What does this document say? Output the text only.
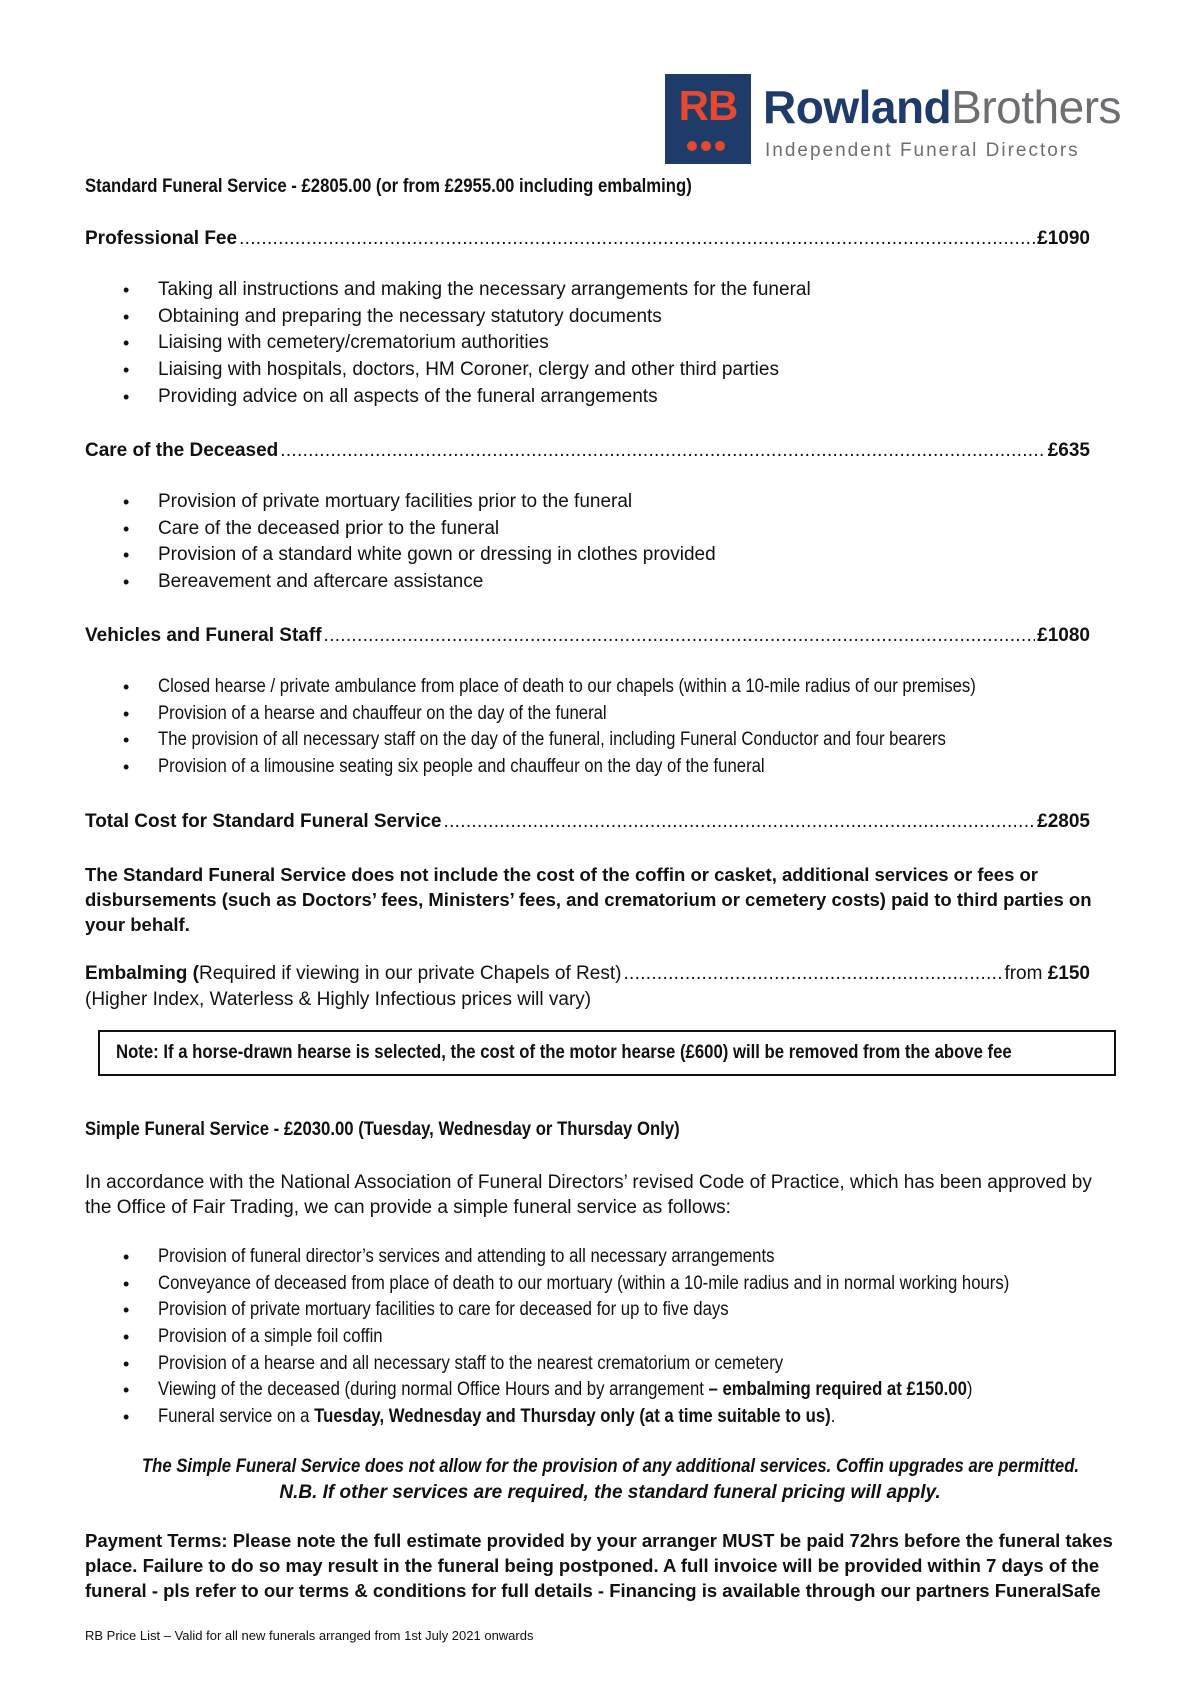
RB RowlandBrothers
Independent Funeral Directors
Standard Funeral Service - £2805.00 (or from £2955.00 including embalming)
Professional Fee .....	£1090
• Taking all instructions and making the necessary arrangements for the funeral
• Obtaining and preparing the necessary statutory documents
• Liaising with cemetery/crematorium authorities
• Liaising with hospitals, doctors, HM Coroner, clergy and other third parties
• Providing advice on all aspects of the funeral arrangements
Care of the Deceased .....	£635
• Provision of private mortuary facilities prior to the funeral
• Care of the deceased prior to the funeral
• Provision of a standard white gown or dressing in clothes provided
• Bereavement and aftercare assistance
Vehicles and Funeral Staff .....	£1080
• Closed hearse / private ambulance from place of death to our chapels (within a 10-mile radius of our premises)
• Provision of a hearse and chauffeur on the day of the funeral
• The provision of all necessary staff on the day of the funeral, including Funeral Conductor and four bearers
• Provision of a limousine seating six people and chauffeur on the day of the funeral
Total Cost for Standard Funeral Service .....	£2805
The Standard Funeral Service does not include the cost of the coffin or casket, additional services or fees or disbursements (such as Doctors’ fees, Ministers’ fees, and crematorium or cemetery costs) paid to third parties on your behalf.
Embalming (Required if viewing in our private Chapels of Rest) .....	from £150
(Higher Index, Waterless & Highly Infectious prices will vary)
Note: If a horse-drawn hearse is selected, the cost of the motor hearse (£600) will be removed from the above fee
Simple Funeral Service - £2030.00 (Tuesday, Wednesday or Thursday Only)
In accordance with the National Association of Funeral Directors’ revised Code of Practice, which has been approved by the Office of Fair Trading, we can provide a simple funeral service as follows:
• Provision of funeral director’s services and attending to all necessary arrangements
• Conveyance of deceased from place of death to our mortuary (within a 10-mile radius and in normal working hours)
• Provision of private mortuary facilities to care for deceased for up to five days
• Provision of a simple foil coffin
• Provision of a hearse and all necessary staff to the nearest crematorium or cemetery
• Viewing of the deceased (during normal Office Hours and by arrangement – embalming required at £150.00)
• Funeral service on a Tuesday, Wednesday and Thursday only (at a time suitable to us).
The Simple Funeral Service does not allow for the provision of any additional services. Coffin upgrades are permitted.
N.B. If other services are required, the standard funeral pricing will apply.
Payment Terms: Please note the full estimate provided by your arranger MUST be paid 72hrs before the funeral takes place. Failure to do so may result in the funeral being postponed. A full invoice will be provided within 7 days of the funeral - pls refer to our terms & conditions for full details - Financing is available through our partners FuneralSafe
RB Price List – Valid for all new funerals arranged from 1st July 2021 onwards
